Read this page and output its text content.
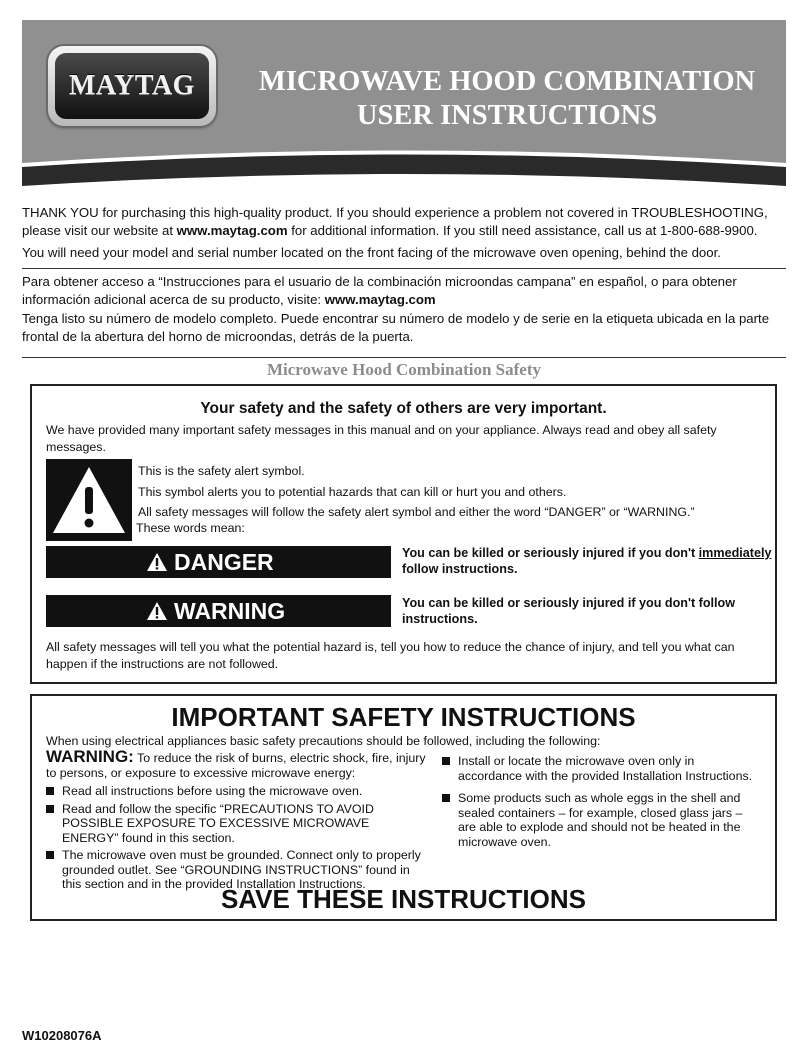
MAYTAG	MICROWAVE HOOD COMBINATION
USER INSTRUCTIONS
THANK YOU for purchasing this high-quality product. If you should experience a problem not covered in TROUBLESHOOTING, please visit our website at www.maytag.com for additional information. If you still need assistance, call us at 1-800-688-9900.
You will need your model and serial number located on the front facing of the microwave oven opening, behind the door.
Para obtener acceso a “Instrucciones para el usuario de la combinación microondas campana” en español, o para obtener información adicional acerca de su producto, visite: www.maytag.com
Tenga listo su número de modelo completo. Puede encontrar su número de modelo y de serie en la etiqueta ubicada en la parte frontal de la abertura del horno de microondas, detrás de la puerta.
Microwave Hood Combination Safety
Your safety and the safety of others are very important.
We have provided many important safety messages in this manual and on your appliance. Always read and obey all safety messages.
This is the safety alert symbol.
This symbol alerts you to potential hazards that can kill or hurt you and others.
All safety messages will follow the safety alert symbol and either the word “DANGER” or “WARNING.”
These words mean:
DANGER	You can be killed or seriously injured if you don't immediately follow instructions.
WARNING	You can be killed or seriously injured if you don't follow instructions.
All safety messages will tell you what the potential hazard is, tell you how to reduce the chance of injury, and tell you what can happen if the instructions are not followed.
IMPORTANT SAFETY INSTRUCTIONS
When using electrical appliances basic safety precautions should be followed, including the following:
WARNING: To reduce the risk of burns, electric shock, fire, injury to persons, or exposure to excessive microwave energy:
Read all instructions before using the microwave oven.
Read and follow the specific “PRECAUTIONS TO AVOID POSSIBLE EXPOSURE TO EXCESSIVE MICROWAVE ENERGY” found in this section.
The microwave oven must be grounded. Connect only to properly grounded outlet. See “GROUNDING INSTRUCTIONS” found in this section and in the provided Installation Instructions.
Install or locate the microwave oven only in accordance with the provided Installation Instructions.
Some products such as whole eggs in the shell and sealed containers – for example, closed glass jars – are able to explode and should not be heated in the microwave oven.
SAVE THESE INSTRUCTIONS
W10208076A
